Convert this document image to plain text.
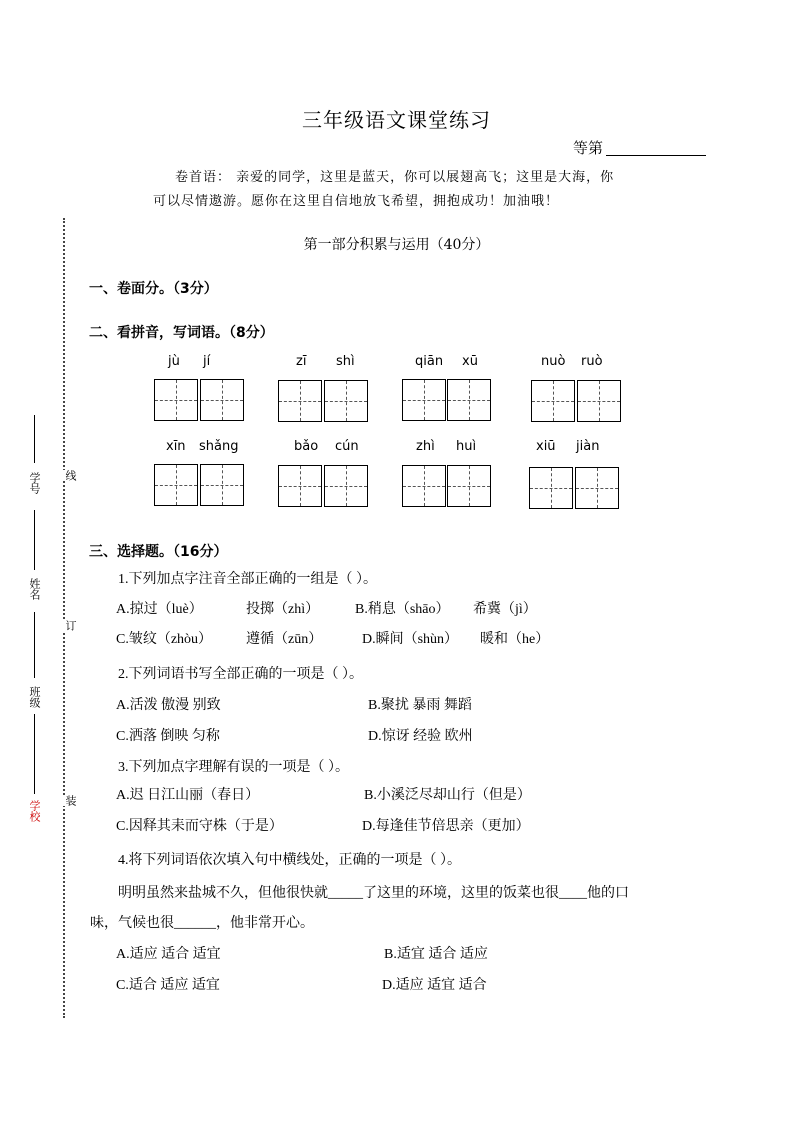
学号
姓名
班级
学校
线
订
装
三年级语文课堂练习
等第
卷首语： 亲爱的同学，这里是蓝天，你可以展翅高飞；这里是大海，你
可以尽情遨游。愿你在这里自信地放飞希望，拥抱成功！加油哦！
第一部分积累与运用（40分）
一、卷面分。（3分）
二、看拼音，写词语。（8分）
jù jí	zī shì	qiān xū	nuò ruò
xīn shǎng	bǎo cún	zhì huì	xiū jiàn
三、选择题。（16分）
1.下列加点字注音全部正确的一组是（ ）。
A.掠过（luè）	投掷（zhì）	B.稍息（shāo） 希冀（jì）
C.皱纹（zhòu） 遵循（zūn）	D.瞬间（shùn） 暖和（he）
2.下列词语书写全部正确的一项是（ ）。
A.活泼 傲漫 别致	B.聚扰 暴雨 舞蹈
C.洒落 倒映 匀称	D.惊讶 经验 欧州
3.下列加点字理解有误的一项是（ ）。
A.迟 日江山丽（春日）	B.小溪泛尽却山行（但是）
C.因释其耒而守株（于是）	D.每逢佳节倍思亲（更加）
4.将下列词语依次填入句中横线处，正确的一项是（ ）。
明明虽然来盐城不久，但他很快就_____了这里的环境，这里的饭菜也很____他的口
味，气候也很______，他非常开心。
A.适应 适合 适宜	B.适宜 适合 适应
C.适合 适应 适宜	D.适应 适宜 适合
